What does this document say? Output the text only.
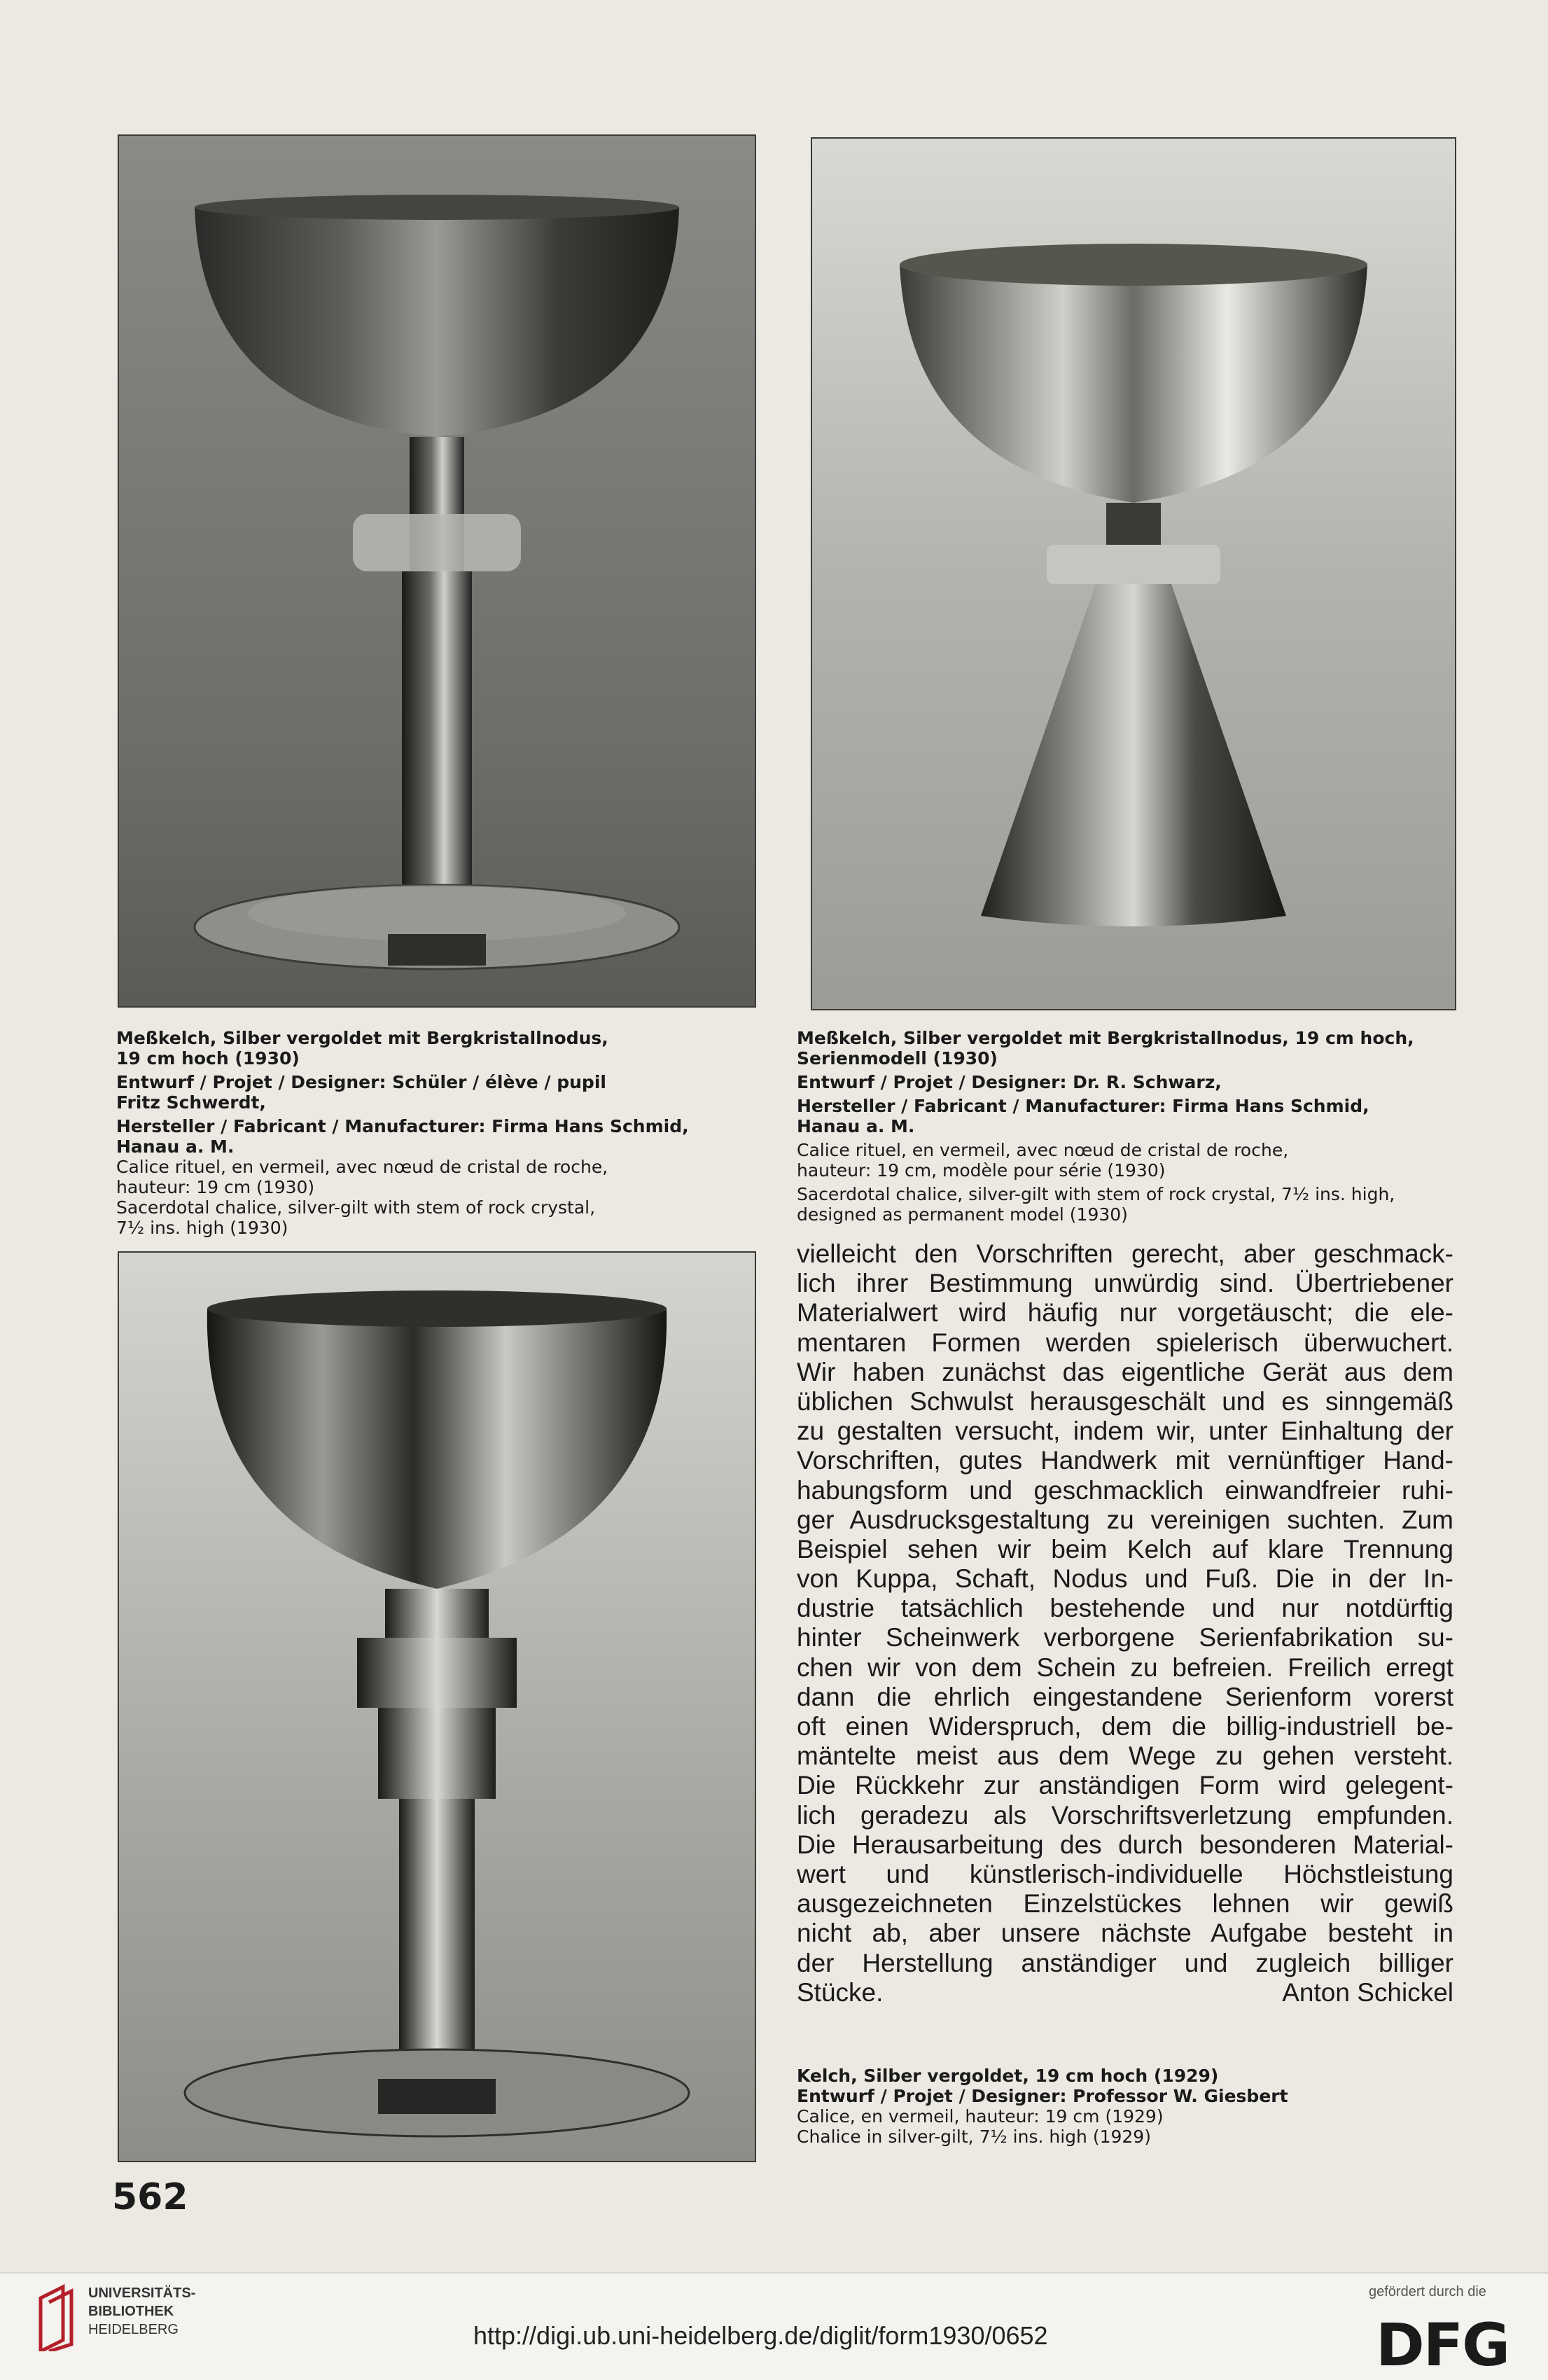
Meßkelch, Silber vergoldet mit Bergkristallnodus,
19 cm hoch (1930)
Entwurf / Projet / Designer: Schüler / élève / pupil
Fritz Schwerdt,
Hersteller / Fabricant / Manufacturer: Firma Hans Schmid,
Hanau a. M.
Calice rituel, en vermeil, avec nœud de cristal de roche,
hauteur: 19 cm (1930)
Sacerdotal chalice, silver-gilt with stem of rock crystal,
7½ ins. high (1930)
Meßkelch, Silber vergoldet mit Bergkristallnodus, 19 cm hoch,
Serienmodell (1930)
Entwurf / Projet / Designer: Dr. R. Schwarz,
Hersteller / Fabricant / Manufacturer: Firma Hans Schmid,
Hanau a. M.
Calice rituel, en vermeil, avec nœud de cristal de roche,
hauteur: 19 cm, modèle pour série (1930)
Sacerdotal chalice, silver-gilt with stem of rock crystal, 7½ ins. high,
designed as permanent model (1930)
vielleicht den Vorschriften gerecht, aber geschmack-
lich ihrer Bestimmung unwürdig sind. Übertriebener
Materialwert wird häufig nur vorgetäuscht; die ele-
mentaren Formen werden spielerisch überwuchert.
Wir haben zunächst das eigentliche Gerät aus dem
üblichen Schwulst herausgeschält und es sinngemäß
zu gestalten versucht, indem wir, unter Einhaltung der
Vorschriften, gutes Handwerk mit vernünftiger Hand-
habungsform und geschmacklich einwandfreier ruhi-
ger Ausdrucksgestaltung zu vereinigen suchten. Zum
Beispiel sehen wir beim Kelch auf klare Trennung
von Kuppa, Schaft, Nodus und Fuß. Die in der In-
dustrie tatsächlich bestehende und nur notdürftig
hinter Scheinwerk verborgene Serienfabrikation su-
chen wir von dem Schein zu befreien. Freilich erregt
dann die ehrlich eingestandene Serienform vorerst
oft einen Widerspruch, dem die billig-industriell be-
mäntelte meist aus dem Wege zu gehen versteht.
Die Rückkehr zur anständigen Form wird gelegent-
lich geradezu als Vorschriftsverletzung empfunden.
Die Herausarbeitung des durch besonderen Material-
wert und künstlerisch-individuelle Höchstleistung
ausgezeichneten Einzelstückes lehnen wir gewiß
nicht ab, aber unsere nächste Aufgabe besteht in
der Herstellung anständiger und zugleich billiger
Stücke.	Anton Schickel
Kelch, Silber vergoldet, 19 cm hoch (1929)
Entwurf / Projet / Designer: Professor W. Giesbert
Calice, en vermeil, hauteur: 19 cm (1929)
Chalice in silver-gilt, 7½ ins. high (1929)
562
UNIVERSITÄTS-
BIBLIOTHEK
HEIDELBERG	http://digi.ub.uni-heidelberg.de/diglit/form1930/0652
gefördert durch die
DFG
